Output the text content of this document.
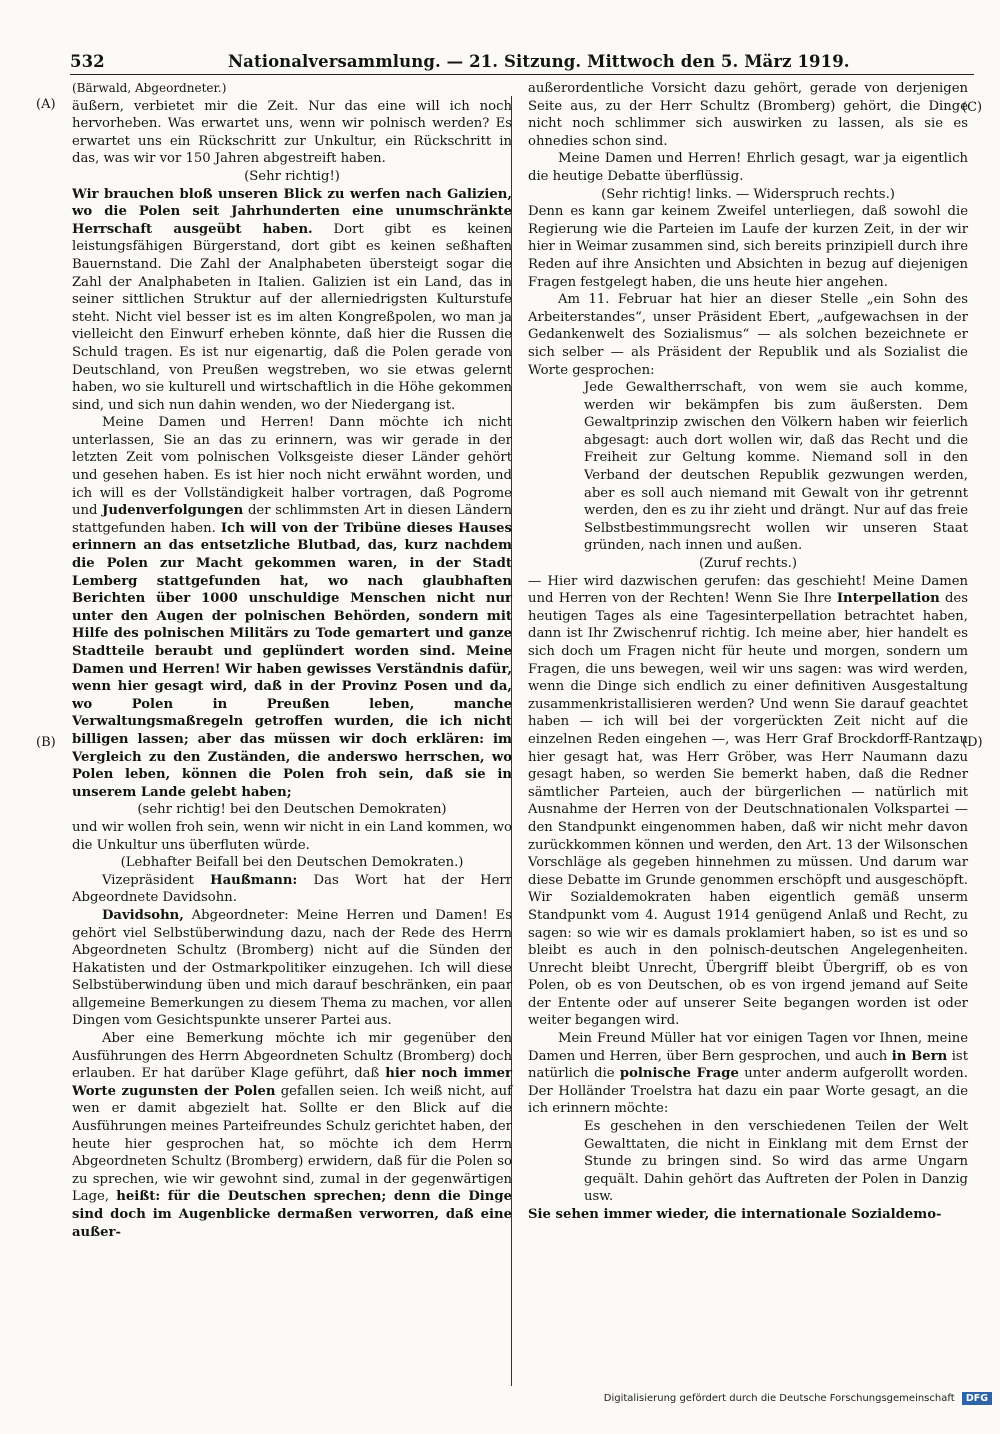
532	Nationalversammlung. — 21. Sitzung. Mittwoch den 5. März 1919.
(A)
(B)
(C)
(D)

(Bärwald, Abgeordneter.)

äußern, verbietet mir die Zeit. Nur das eine will ich noch hervorheben. Was erwartet uns, wenn wir polnisch werden? Es erwartet uns ein Rückschritt zur Unkultur, ein Rückschritt in das, was wir vor 150 Jahren abgestreift haben.

(Sehr richtig!)

Wir brauchen bloß unseren Blick zu werfen nach Galizien, wo die Polen seit Jahrhunderten eine unumschränkte Herrschaft ausgeübt haben. Dort gibt es keinen leistungsfähigen Bürgerstand, dort gibt es keinen seßhaften Bauernstand. Die Zahl der Analphabeten übersteigt sogar die Zahl der Analphabeten in Italien. Galizien ist ein Land, das in seiner sittlichen Struktur auf der allerniedrigsten Kulturstufe steht. Nicht viel besser ist es im alten Kongreßpolen, wo man ja vielleicht den Einwurf erheben könnte, daß hier die Russen die Schuld tragen. Es ist nur eigenartig, daß die Polen gerade von Deutschland, von Preußen wegstreben, wo sie etwas gelernt haben, wo sie kulturell und wirtschaftlich in die Höhe gekommen sind, und sich nun dahin wenden, wo der Niedergang ist.

Meine Damen und Herren! Dann möchte ich nicht unterlassen, Sie an das zu erinnern, was wir gerade in der letzten Zeit vom polnischen Volksgeiste dieser Länder gehört und gesehen haben. Es ist hier noch nicht erwähnt worden, und ich will es der Vollständigkeit halber vortragen, daß Pogrome und Judenverfolgungen der schlimmsten Art in diesen Ländern stattgefunden haben. Ich will von der Tribüne dieses Hauses erinnern an das entsetzliche Blutbad, das, kurz nachdem die Polen zur Macht gekommen waren, in der Stadt Lemberg stattgefunden hat, wo nach glaubhaften Berichten über 1000 unschuldige Menschen nicht nur unter den Augen der polnischen Behörden, sondern mit Hilfe des polnischen Militärs zu Tode gemartert und ganze Stadtteile beraubt und geplündert worden sind. Meine Damen und Herren! Wir haben gewisses Verständnis dafür, wenn hier gesagt wird, daß in der Provinz Posen und da, wo Polen in Preußen leben, manche Verwaltungsmaßregeln getroffen wurden, die ich nicht billigen lassen; aber das müssen wir doch erklären: im Vergleich zu den Zuständen, die anderswo herrschen, wo Polen leben, können die Polen froh sein, daß sie in unserem Lande gelebt haben;

(sehr richtig! bei den Deutschen Demokraten)

und wir wollen froh sein, wenn wir nicht in ein Land kommen, wo die Unkultur uns überfluten würde.

(Lebhafter Beifall bei den Deutschen Demokraten.)

Vizepräsident Haußmann: Das Wort hat der Herr Abgeordnete Davidsohn.

Davidsohn, Abgeordneter: Meine Herren und Damen! Es gehört viel Selbstüberwindung dazu, nach der Rede des Herrn Abgeordneten Schultz (Bromberg) nicht auf die Sünden der Hakatisten und der Ostmarkpolitiker einzugehen. Ich will diese Selbstüberwindung üben und mich darauf beschränken, ein paar allgemeine Bemerkungen zu diesem Thema zu machen, vor allen Dingen vom Gesichtspunkte unserer Partei aus.

Aber eine Bemerkung möchte ich mir gegenüber den Ausführungen des Herrn Abgeordneten Schultz (Bromberg) doch erlauben. Er hat darüber Klage geführt, daß hier noch immer Worte zugunsten der Polen gefallen seien. Ich weiß nicht, auf wen er damit abgezielt hat. Sollte er den Blick auf die Ausführungen meines Parteifreundes Schulz gerichtet haben, der heute hier gesprochen hat, so möchte ich dem Herrn Abgeordneten Schultz (Bromberg) erwidern, daß für die Polen so zu sprechen, wie wir gewohnt sind, zumal in der gegenwärtigen Lage, heißt: für die Deutschen sprechen; denn die Dinge sind doch im Augenblicke dermaßen verworren, daß eine außer-

außerordentliche Vorsicht dazu gehört, gerade von derjenigen Seite aus, zu der Herr Schultz (Bromberg) gehört, die Dinge nicht noch schlimmer sich auswirken zu lassen, als sie es ohnedies schon sind.

Meine Damen und Herren! Ehrlich gesagt, war ja eigentlich die heutige Debatte überflüssig.

(Sehr richtig! links. — Widerspruch rechts.)

Denn es kann gar keinem Zweifel unterliegen, daß sowohl die Regierung wie die Parteien im Laufe der kurzen Zeit, in der wir hier in Weimar zusammen sind, sich bereits prinzipiell durch ihre Reden auf ihre Ansichten und Absichten in bezug auf diejenigen Fragen festgelegt haben, die uns heute hier angehen.

Am 11. Februar hat hier an dieser Stelle „ein Sohn des Arbeiterstandes“, unser Präsident Ebert, „aufgewachsen in der Gedankenwelt des Sozialismus“ — als solchen bezeichnete er sich selber — als Präsident der Republik und als Sozialist die Worte gesprochen:

Jede Gewaltherrschaft, von wem sie auch komme, werden wir bekämpfen bis zum äußersten. Dem Gewaltprinzip zwischen den Völkern haben wir feierlich abgesagt: auch dort wollen wir, daß das Recht und die Freiheit zur Geltung komme. Niemand soll in den Verband der deutschen Republik gezwungen werden, aber es soll auch niemand mit Gewalt von ihr getrennt werden, den es zu ihr zieht und drängt. Nur auf das freie Selbstbestimmungsrecht wollen wir unseren Staat gründen, nach innen und außen.

(Zuruf rechts.)

— Hier wird dazwischen gerufen: das geschieht! Meine Damen und Herren von der Rechten! Wenn Sie Ihre Interpellation des heutigen Tages als eine Tagesinterpellation betrachtet haben, dann ist Ihr Zwischenruf richtig. Ich meine aber, hier handelt es sich doch um Fragen nicht für heute und morgen, sondern um Fragen, die uns bewegen, weil wir uns sagen: was wird werden, wenn die Dinge sich endlich zu einer definitiven Ausgestaltung zusammenkristallisieren werden? Und wenn Sie darauf geachtet haben — ich will bei der vorgerückten Zeit nicht auf die einzelnen Reden eingehen —, was Herr Graf Brockdorff-Rantzau hier gesagt hat, was Herr Gröber, was Herr Naumann dazu gesagt haben, so werden Sie bemerkt haben, daß die Redner sämtlicher Parteien, auch der bürgerlichen — natürlich mit Ausnahme der Herren von der Deutschnationalen Volkspartei — den Standpunkt eingenommen haben, daß wir nicht mehr davon zurückkommen können und werden, den Art. 13 der Wilsonschen Vorschläge als gegeben hinnehmen zu müssen. Und darum war diese Debatte im Grunde genommen erschöpft und ausgeschöpft. Wir Sozialdemokraten haben eigentlich gemäß unserm Standpunkt vom 4. August 1914 genügend Anlaß und Recht, zu sagen: so wie wir es damals proklamiert haben, so ist es und so bleibt es auch in den polnisch-deutschen Angelegenheiten. Unrecht bleibt Unrecht, Übergriff bleibt Übergriff, ob es von Polen, ob es von Deutschen, ob es von irgend jemand auf Seite der Entente oder auf unserer Seite begangen worden ist oder weiter begangen wird.

Mein Freund Müller hat vor einigen Tagen vor Ihnen, meine Damen und Herren, über Bern gesprochen, und auch in Bern ist natürlich die polnische Frage unter anderm aufgerollt worden. Der Holländer Troelstra hat dazu ein paar Worte gesagt, an die ich erinnern möchte:

Es geschehen in den verschiedenen Teilen der Welt Gewalttaten, die nicht in Einklang mit dem Ernst der Stunde zu bringen sind. So wird das arme Ungarn gequält. Dahin gehört das Auftreten der Polen in Danzig usw.

Sie sehen immer wieder, die internationale Sozialdemo-

Digitalisierung gefördert durch die Deutsche Forschungsgemeinschaft DFG
